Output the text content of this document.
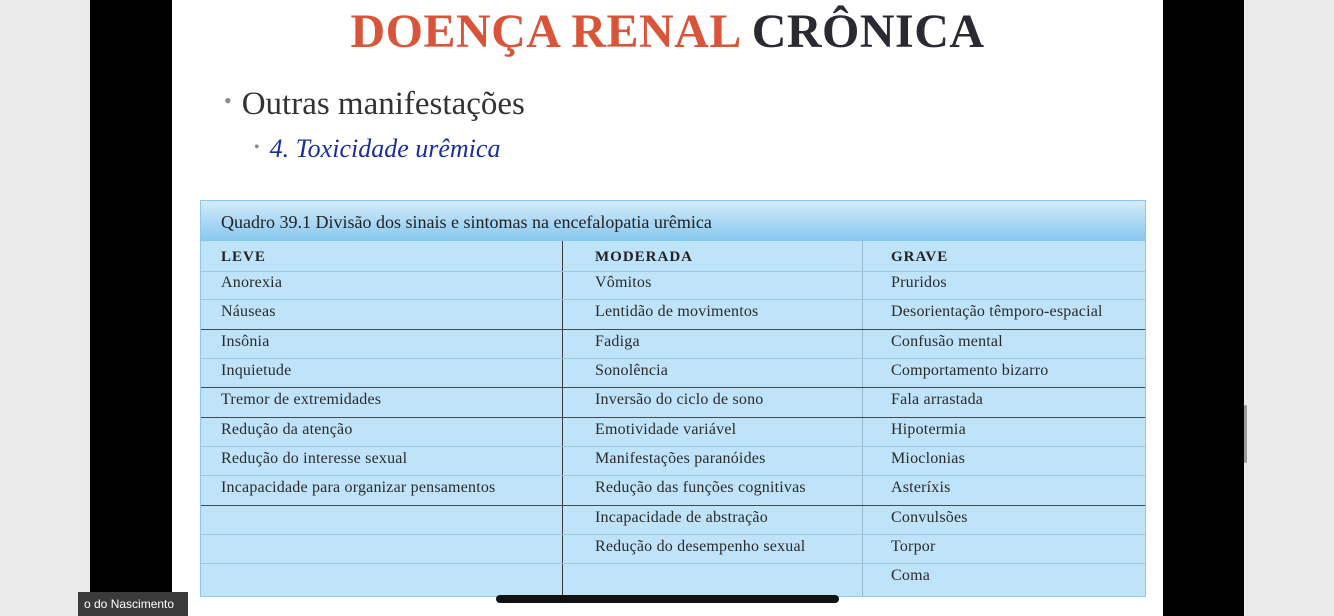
DOENÇA RENAL CRÔNICA
• Outras manifestações
• 4. Toxicidade urêmica
Quadro 39.1 Divisão dos sinais e sintomas na encefalopatia urêmica
LEVE	MODERADA	GRAVE
Anorexia
Náuseas
Insônia
Inquietude
Tremor de extremidades
Redução da atenção
Redução do interesse sexual
Incapacidade para organizar pensamentos
Vômitos
Lentidão de movimentos
Fadiga
Sonolência
Inversão do ciclo de sono
Emotividade variável
Manifestações paranóides
Redução das funções cognitivas
Incapacidade de abstração
Redução do desempenho sexual
Pruridos
Desorientação têmporo-espacial
Confusão mental
Comportamento bizarro
Fala arrastada
Hipotermia
Mioclonias
Asteríxis
Convulsões
Torpor
Coma
o do Nascimento
